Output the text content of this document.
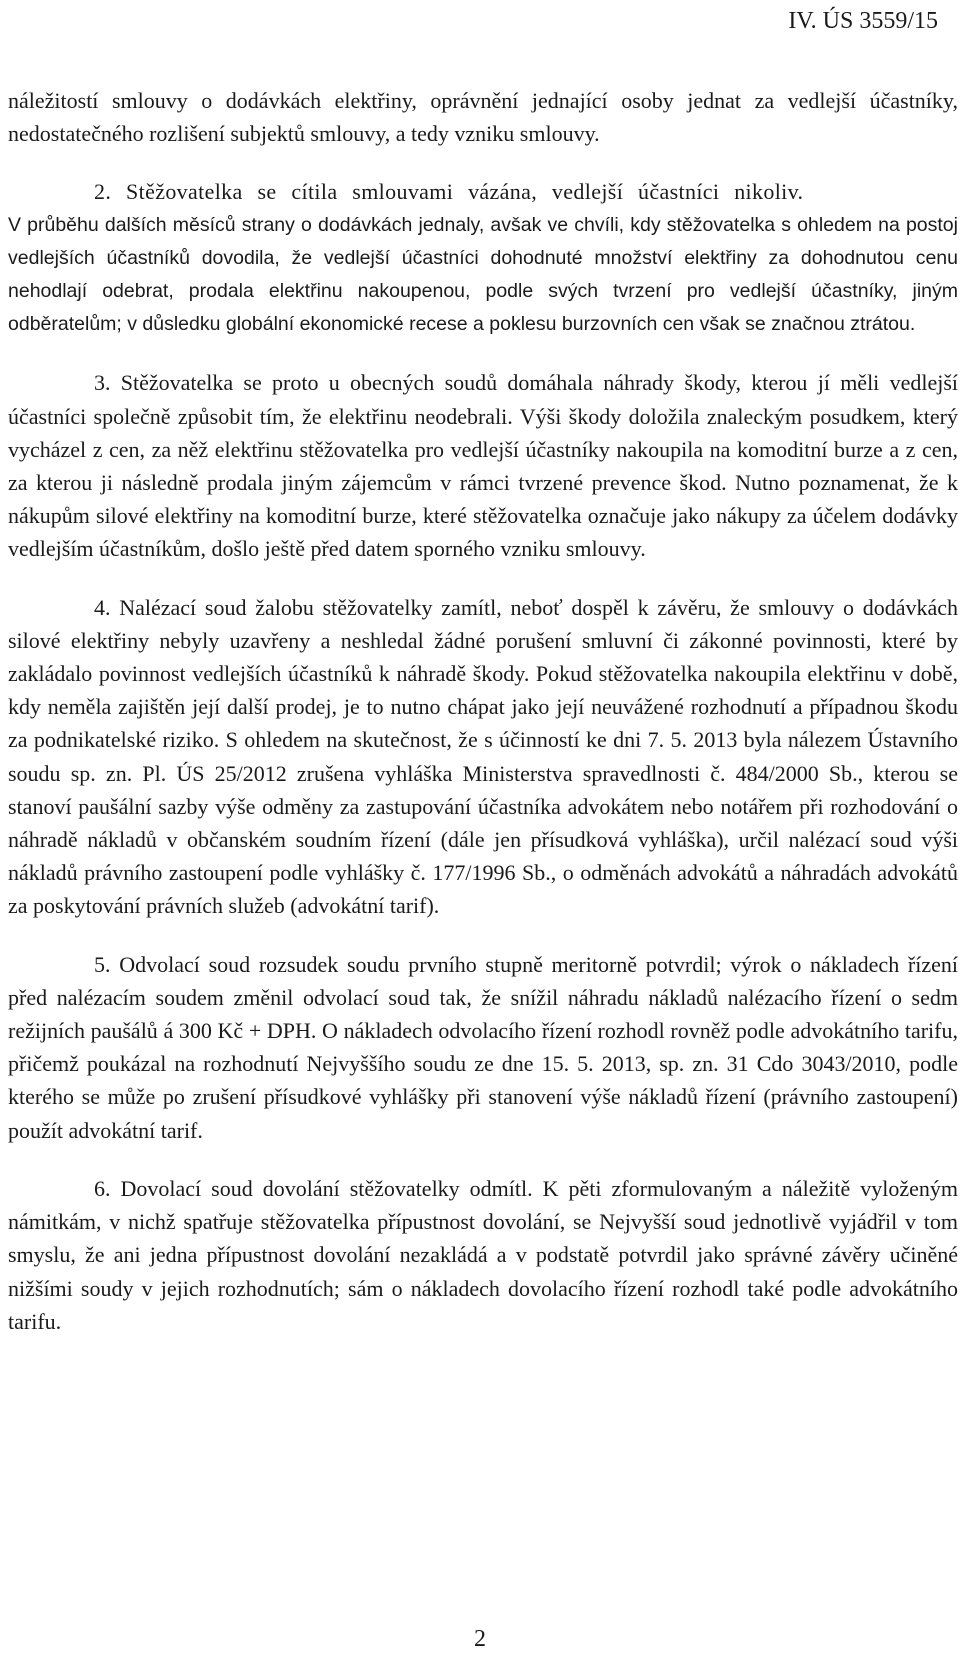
IV. ÚS 3559/15

náležitostí smlouvy o dodávkách elektřiny, oprávnění jednající osoby jednat za vedlejší účastníky, nedostatečného rozlišení subjektů smlouvy, a tedy vzniku smlouvy.

2. Stěžovatelka se cítila smlouvami vázána, vedlejší účastníci nikoliv.

V průběhu dalších měsíců strany o dodávkách jednaly, avšak ve chvíli, kdy stěžovatelka s ohledem na postoj vedlejších účastníků dovodila, že vedlejší účastníci dohodnuté množství elektřiny za dohodnutou cenu nehodlají odebrat, prodala elektřinu nakoupenou, podle svých tvrzení pro vedlejší účastníky, jiným odběratelům; v důsledku globální ekonomické recese a poklesu burzovních cen však se značnou ztrátou.

3. Stěžovatelka se proto u obecných soudů domáhala náhrady škody, kterou jí měli vedlejší účastníci společně způsobit tím, že elektřinu neodebrali. Výši škody doložila znaleckým posudkem, který vycházel z cen, za něž elektřinu stěžovatelka pro vedlejší účastníky nakoupila na komoditní burze a z cen, za kterou ji následně prodala jiným zájemcům v rámci tvrzené prevence škod. Nutno poznamenat, že k nákupům silové elektřiny na komoditní burze, které stěžovatelka označuje jako nákupy za účelem dodávky vedlejším účastníkům, došlo ještě před datem sporného vzniku smlouvy.

4. Nalézací soud žalobu stěžovatelky zamítl, neboť dospěl k závěru, že smlouvy o dodávkách silové elektřiny nebyly uzavřeny a neshledal žádné porušení smluvní či zákonné povinnosti, které by zakládalo povinnost vedlejších účastníků k náhradě škody. Pokud stěžovatelka nakoupila elektřinu v době, kdy neměla zajištěn její další prodej, je to nutno chápat jako její neuvážené rozhodnutí a případnou škodu za podnikatelské riziko. S ohledem na skutečnost, že s účinností ke dni 7. 5. 2013 byla nálezem Ústavního soudu sp. zn. Pl. ÚS 25/2012 zrušena vyhláška Ministerstva spravedlnosti č. 484/2000 Sb., kterou se stanoví paušální sazby výše odměny za zastupování účastníka advokátem nebo notářem při rozhodování o náhradě nákladů v občanském soudním řízení (dále jen přísudková vyhláška), určil nalézací soud výši nákladů právního zastoupení podle vyhlášky č. 177/1996 Sb., o odměnách advokátů a náhradách advokátů za poskytování právních služeb (advokátní tarif).

5. Odvolací soud rozsudek soudu prvního stupně meritorně potvrdil; výrok o nákladech řízení před nalézacím soudem změnil odvolací soud tak, že snížil náhradu nákladů nalézacího řízení o sedm režijních paušálů á 300 Kč + DPH. O nákladech odvolacího řízení rozhodl rovněž podle advokátního tarifu, přičemž poukázal na rozhodnutí Nejvyššího soudu ze dne 15. 5. 2013, sp. zn. 31 Cdo 3043/2010, podle kterého se může po zrušení přísudkové vyhlášky při stanovení výše nákladů řízení (právního zastoupení) použít advokátní tarif.

6. Dovolací soud dovolání stěžovatelky odmítl. K pěti zformulovaným a náležitě vyloženým námitkám, v nichž spatřuje stěžovatelka přípustnost dovolání, se Nejvyšší soud jednotlivě vyjádřil v tom smyslu, že ani jedna přípustnost dovolání nezakládá a v podstatě potvrdil jako správné závěry učiněné nižšími soudy v jejich rozhodnutích; sám o nákladech dovolacího řízení rozhodl také podle advokátního tarifu.

2
